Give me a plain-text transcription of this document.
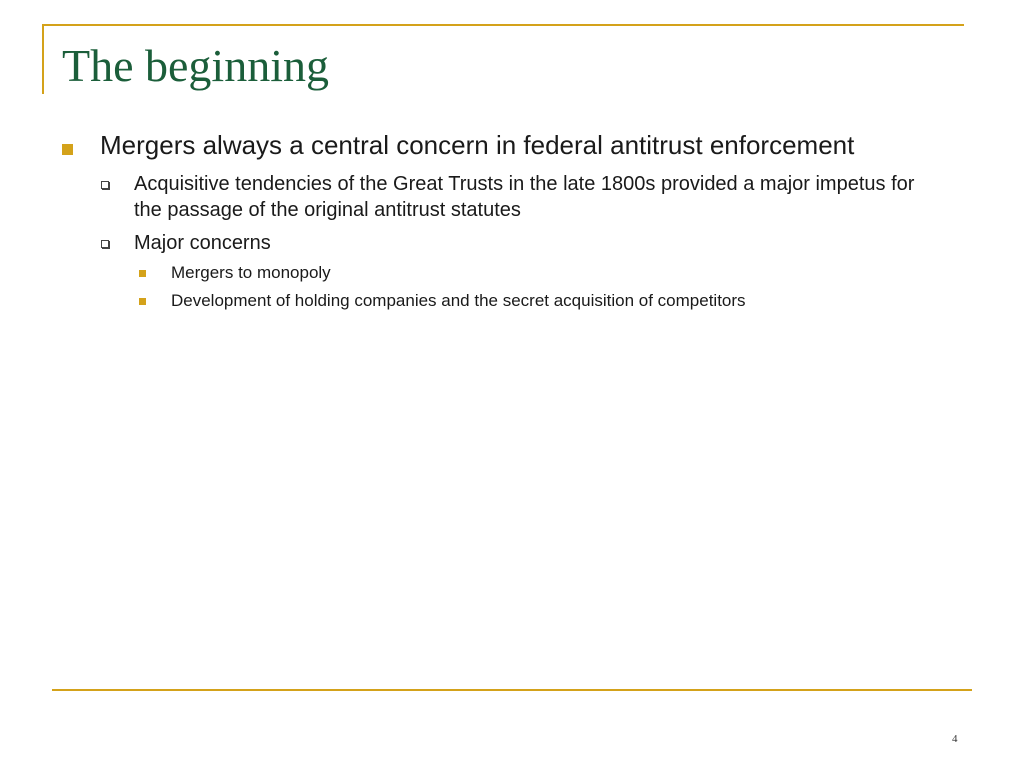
The beginning
Mergers always a central concern in federal antitrust enforcement
Acquisitive tendencies of the Great Trusts in the late 1800s provided a major impetus for the passage of the original antitrust statutes
Major concerns
Mergers to monopoly
Development of holding companies and the secret acquisition of competitors
4
